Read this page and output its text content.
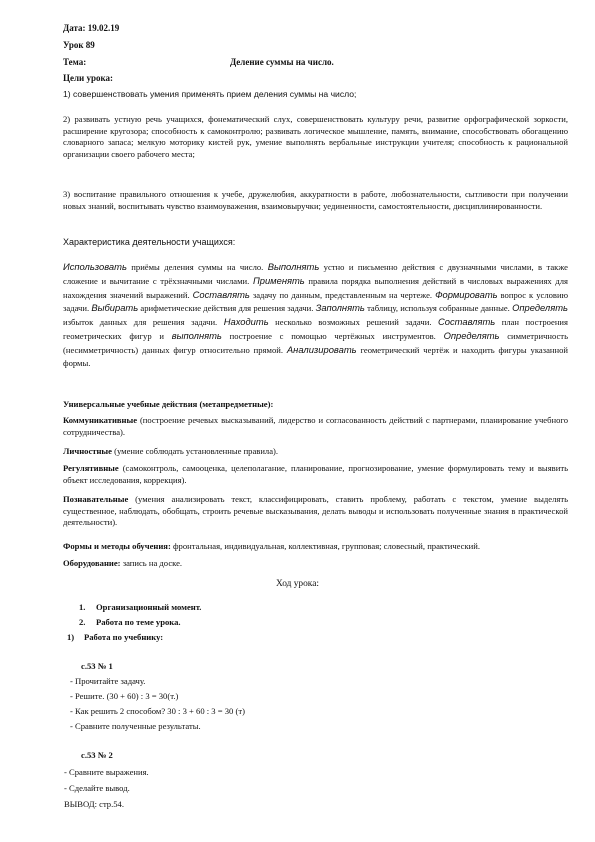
Дата: 19.02.19
Урок 89
Тема:	Деление суммы на число.
Цели урока:
1) совершенствовать умения применять прием деления суммы на число;

2) развивать устную речь учащихся, фонематический слух, совершенствовать культуру речи, развитие орфографической зоркости, расширение кругозора; способность к самоконтролю; развивать логическое мышление, память, внимание, способствовать обогащению словарного запаса; мелкую моторику кистей рук, умение выполнять вербальные инструкции учителя; способность к рациональной организации своего рабочего места;

3) воспитание правильного отношения к учебе, дружелюбия, аккуратности в работе, любознательности, сытливости при получении новых знаний, воспитывать чувство взаимоуважения, взаимовыручки; уединенности, самостоятельности, дисциплинированности.

Характеристика деятельности учащихся:

Использовать приёмы деления суммы на число. Выполнять устно и письменно действия с двузначными числами, в также сложение и вычитание с трёхзначными числами. Применять правила порядка выполнения действий в числовых выражениях для нахождения значений выражений. Составлять задачу по данным, представленным на чертеже. Формировать вопрос к условию задачи. Выбирать арифметические действия для решения задачи. Заполнять таблицу, используя собранные данные. Определять избыток данных для решения задачи. Находить несколько возможных решений задачи. Составлять план построения геометрических фигур и выполнять построение с помощью чертёжных инструментов. Определять симметричность (несимметричность) данных фигур относительно прямой. Анализировать геометрический чертёж и находить фигуры указанной формы.

Универсальные учебные действия (метапредметные):

Коммуникативные (построение речевых высказываний, лидерство и согласованность действий с партнерами, планирование учебного сотрудничества).

Личностные (умение соблюдать установленные правила).

Регулятивные (самоконтроль, самооценка, целеполагание, планирование, прогнозирование, умение формулировать тему и выявить объект исследования, коррекция).

Познавательные (умения анализировать текст, классифицировать, ставить проблему, работать с текстом, умение выделять существенное, наблюдать, обобщать, строить речевые высказывания, делать выводы и использовать полученные знания в практической деятельности).

Формы и методы обучения: фронтальная, индивидуальная, коллективная, групповая; словесный, практический.
Оборудование: запись на доске.
Ход урока:
1. Организационный момент.
2. Работа по теме урока.
1) Работа по учебнику:
с.53 № 1
- Прочитайте задачу.
- Решите. (30 + 60) : 3 = 30(т.)
- Как решить 2 способом? 30 : 3 + 60 : 3 = 30 (т)
- Сравните полученные результаты.
с.53 № 2
- Сравните выражения.
- Сделайте вывод.
ВЫВОД: стр.54.
